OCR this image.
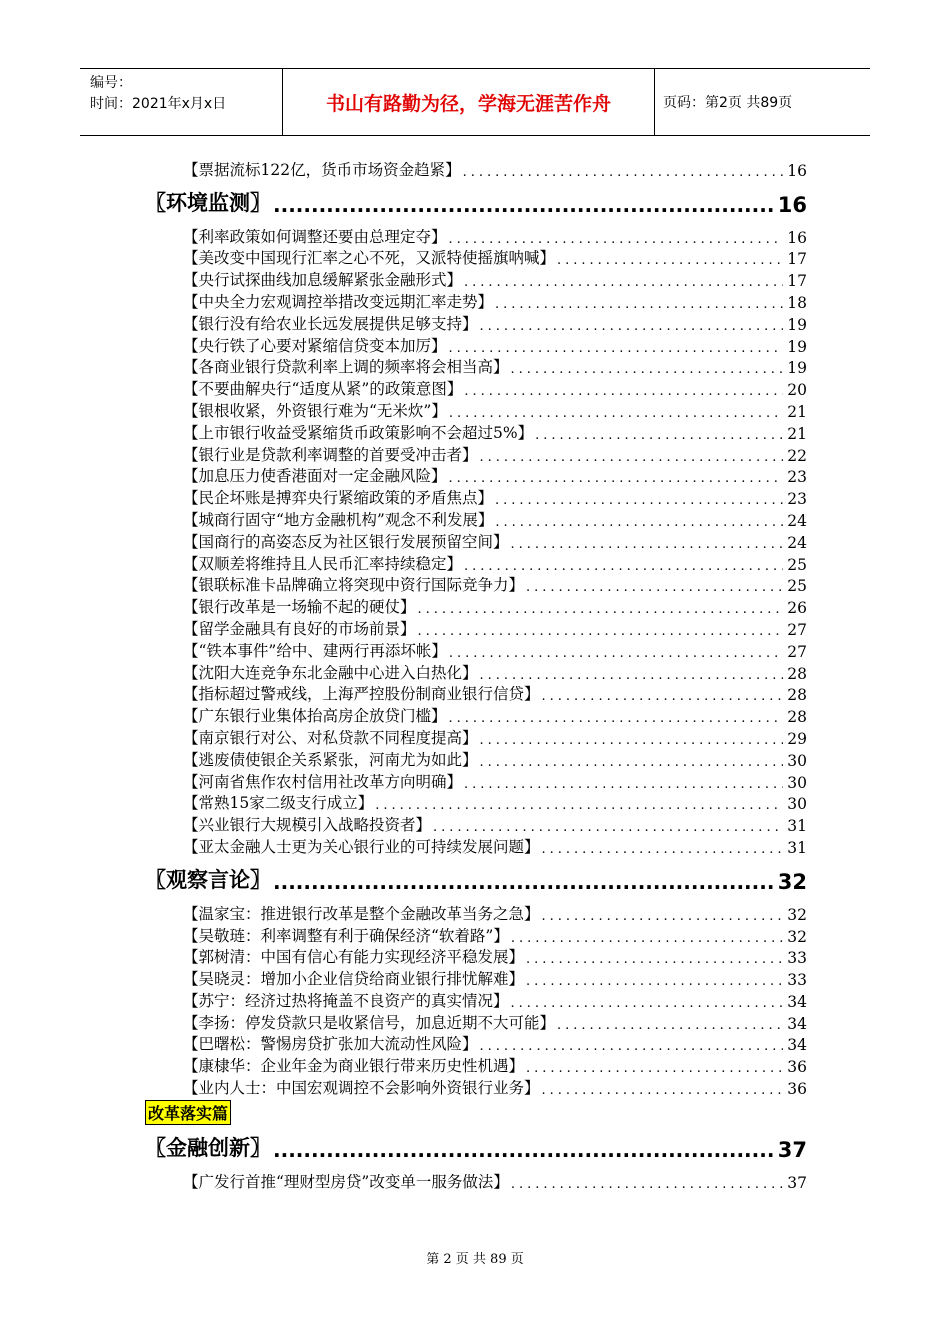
编号：
时间：2021年x月x日	书山有路勤为径，学海无涯苦作舟	页码：第2页 共89页
【票据流标122亿，货币市场资金趋紧】 .....	16
〖环境监测〗 .....	16
【利率政策如何调整还要由总理定夺】 .....	16
【美改变中国现行汇率之心不死，又派特使摇旗呐喊】 .....	17
【央行试探曲线加息缓解紧张金融形式】 .....	17
【中央全力宏观调控举措改变远期汇率走势】 .....	18
【银行没有给农业长远发展提供足够支持】 .....	19
【央行铁了心要对紧缩信贷变本加厉】 .....	19
【各商业银行贷款利率上调的频率将会相当高】 .....	19
【不要曲解央行“适度从紧”的政策意图】 .....	20
【银根收紧，外资银行难为“无米炊”】 .....	21
【上市银行收益受紧缩货币政策影响不会超过5%】 .....	21
【银行业是贷款利率调整的首要受冲击者】 .....	22
【加息压力使香港面对一定金融风险】 .....	23
【民企坏账是搏弈央行紧缩政策的矛盾焦点】 .....	23
【城商行固守“地方金融机构”观念不利发展】 .....	24
【国商行的高姿态反为社区银行发展预留空间】 .....	24
【双顺差将维持且人民币汇率持续稳定】 .....	25
【银联标准卡品牌确立将突现中资行国际竞争力】 .....	25
【银行改革是一场输不起的硬仗】 .....	26
【留学金融具有良好的市场前景】 .....	27
【“铁本事件”给中、建两行再添坏帐】 .....	27
【沈阳大连竞争东北金融中心进入白热化】 .....	28
【指标超过警戒线，上海严控股份制商业银行信贷】 .....	28
【广东银行业集体抬高房企放贷门槛】 .....	28
【南京银行对公、对私贷款不同程度提高】 .....	29
【逃废债使银企关系紧张，河南尤为如此】 .....	30
【河南省焦作农村信用社改革方向明确】 .....	30
【常熟15家二级支行成立】 .....	30
【兴业银行大规模引入战略投资者】 .....	31
【亚太金融人士更为关心银行业的可持续发展问题】 .....	31
〖观察言论〗 .....	32
【温家宝：推进银行改革是整个金融改革当务之急】 .....	32
【吴敬琏：利率调整有利于确保经济“软着路”】 .....	32
【郭树清：中国有信心有能力实现经济平稳发展】 .....	33
【吴晓灵：增加小企业信贷给商业银行排忧解难】 .....	33
【苏宁：经济过热将掩盖不良资产的真实情况】 .....	34
【李扬：停发贷款只是收紧信号，加息近期不大可能】 .....	34
【巴曙松：警惕房贷扩张加大流动性风险】 .....	34
【康棣华：企业年金为商业银行带来历史性机遇】 .....	36
【业内人士：中国宏观调控不会影响外资银行业务】 .....	36
改革落实篇
〖金融创新〗 .....	37
【广发行首推“理财型房贷”改变单一服务做法】 .....	37
第 2 页 共 89 页
